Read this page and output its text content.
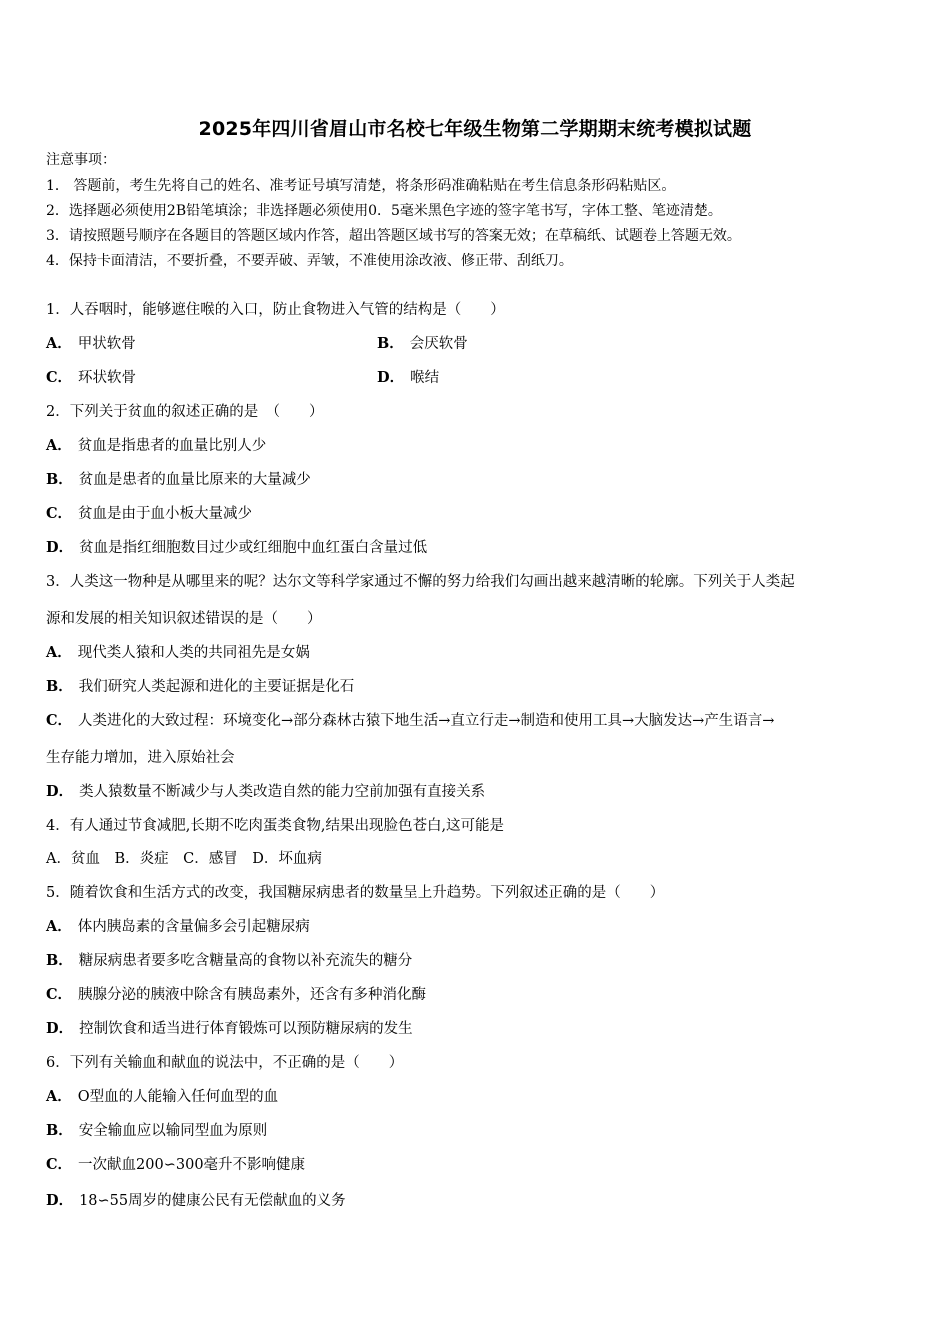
2025年四川省眉山市名校七年级生物第二学期期末统考模拟试题
注意事项：
1． 答题前，考生先将自己的姓名、准考证号填写清楚，将条形码准确粘贴在考生信息条形码粘贴区。
2．选择题必须使用2B铅笔填涂；非选择题必须使用0．5毫米黑色字迹的签字笔书写，字体工整、笔迹清楚。
3．请按照题号顺序在各题目的答题区域内作答，超出答题区域书写的答案无效；在草稿纸、试题卷上答题无效。
4．保持卡面清洁，不要折叠，不要弄破、弄皱，不准使用涂改液、修正带、刮纸刀。
1．人吞咽时，能够遮住喉的入口，防止食物进入气管的结构是（　　）
A． 甲状软骨	B． 会厌软骨
C． 环状软骨	D． 喉结
2．下列关于贫血的叙述正确的是　（　　）
A． 贫血是指患者的血量比别人少
B． 贫血是患者的血量比原来的大量减少
C． 贫血是由于血小板大量减少
D． 贫血是指红细胞数目过少或红细胞中血红蛋白含量过低
3．人类这一物种是从哪里来的呢？达尔文等科学家通过不懈的努力给我们勾画出越来越清晰的轮廓。下列关于人类起
源和发展的相关知识叙述错误的是（　　）
A． 现代类人猿和人类的共同祖先是女娲
B． 我们研究人类起源和进化的主要证据是化石
C． 人类进化的大致过程：环境变化→部分森林古猿下地生活→直立行走→制造和使用工具→大脑发达→产生语言→
生存能力增加，进入原始社会
D． 类人猿数量不断减少与人类改造自然的能力空前加强有直接关系
4．有人通过节食减肥,长期不吃肉蛋类食物,结果出现脸色苍白,这可能是
A．贫血　B．炎症　C．感冒　D．坏血病
5．随着饮食和生活方式的改变，我国糖尿病患者的数量呈上升趋势。下列叙述正确的是（　　）
A． 体内胰岛素的含量偏多会引起糖尿病
B． 糖尿病患者要多吃含糖量高的食物以补充流失的糖分
C． 胰腺分泌的胰液中除含有胰岛素外，还含有多种消化酶
D． 控制饮食和适当进行体育锻炼可以预防糖尿病的发生
6．下列有关输血和献血的说法中，不正确的是（　　）
A． O型血的人能输入任何血型的血
B． 安全输血应以输同型血为原则
C． 一次献血200∽300毫升不影响健康
D． 18∽55周岁的健康公民有无偿献血的义务
